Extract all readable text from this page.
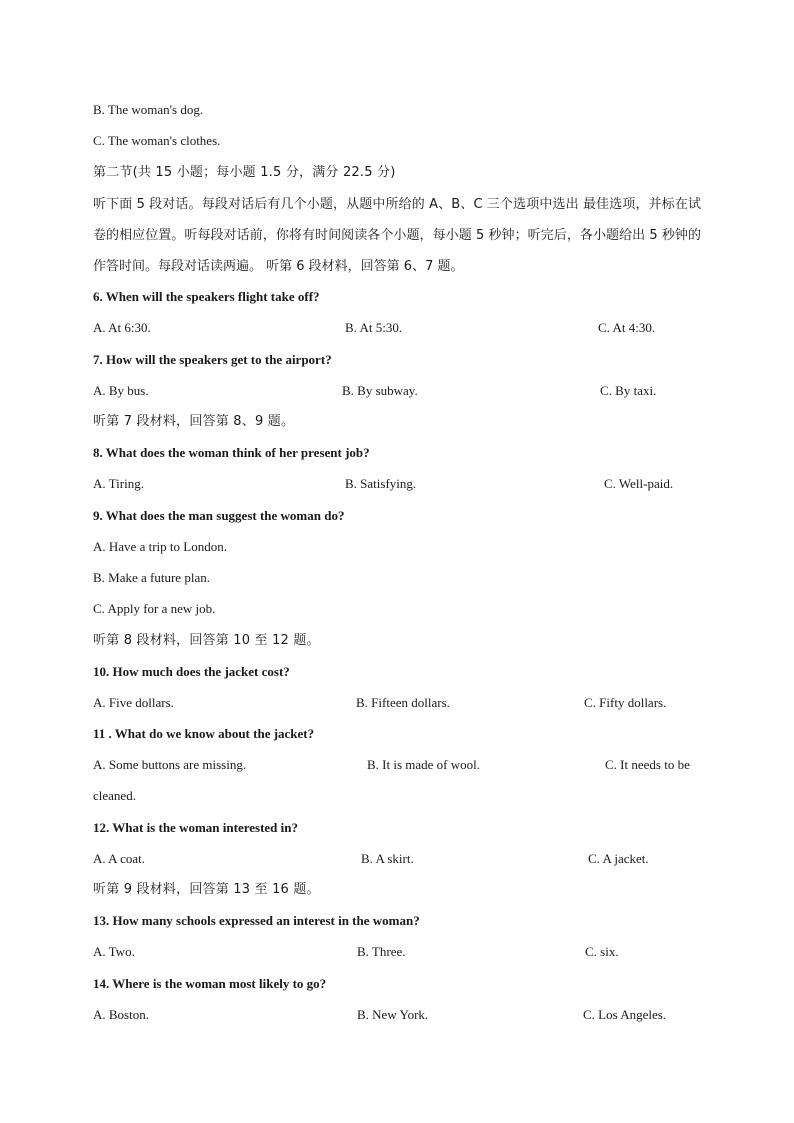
B. The woman's dog.
C. The woman's clothes.
第二节(共 15 小题；每小题 1.5 分，满分 22.5 分)
听下面 5 段对话。每段对话后有几个小题，从题中所给的 A、B、C 三个选项中选出 最佳选项，并标在试卷的相应位置。听每段对话前，你将有时间阅读各个小题，每小题 5 秒钟；听完后，各小题给出 5 秒钟的作答时间。每段对话读两遍。 听第 6 段材料，回答第 6、7 题。
6. When will the speakers flight take off?
A. At 6:30.	B. At 5:30.	C. At 4:30.
7. How will the speakers get to the airport?
A. By bus.	B. By subway.	C. By taxi.
听第 7 段材料，回答第 8、9 题。
8. What does the woman think of her present job?
A. Tiring.	B. Satisfying.	C. Well-paid.
9. What does the man suggest the woman do?
A. Have a trip to London.
B. Make a future plan.
C. Apply for a new job.
听第 8 段材料，回答第 10 至 12 题。
10. How much does the jacket cost?
A. Five dollars.	B. Fifteen dollars.	C. Fifty dollars.
11 . What do we know about the jacket?
A. Some buttons are missing.	B. It is made of wool.	C. It needs to be
cleaned.
12. What is the woman interested in?
A. A coat.	B. A skirt.	C. A jacket.
听第 9 段材料，回答第 13 至 16 题。
13. How many schools expressed an interest in the woman?
A. Two.	B. Three.	C. six.
14. Where is the woman most likely to go?
A. Boston.	B. New York.	C. Los Angeles.
